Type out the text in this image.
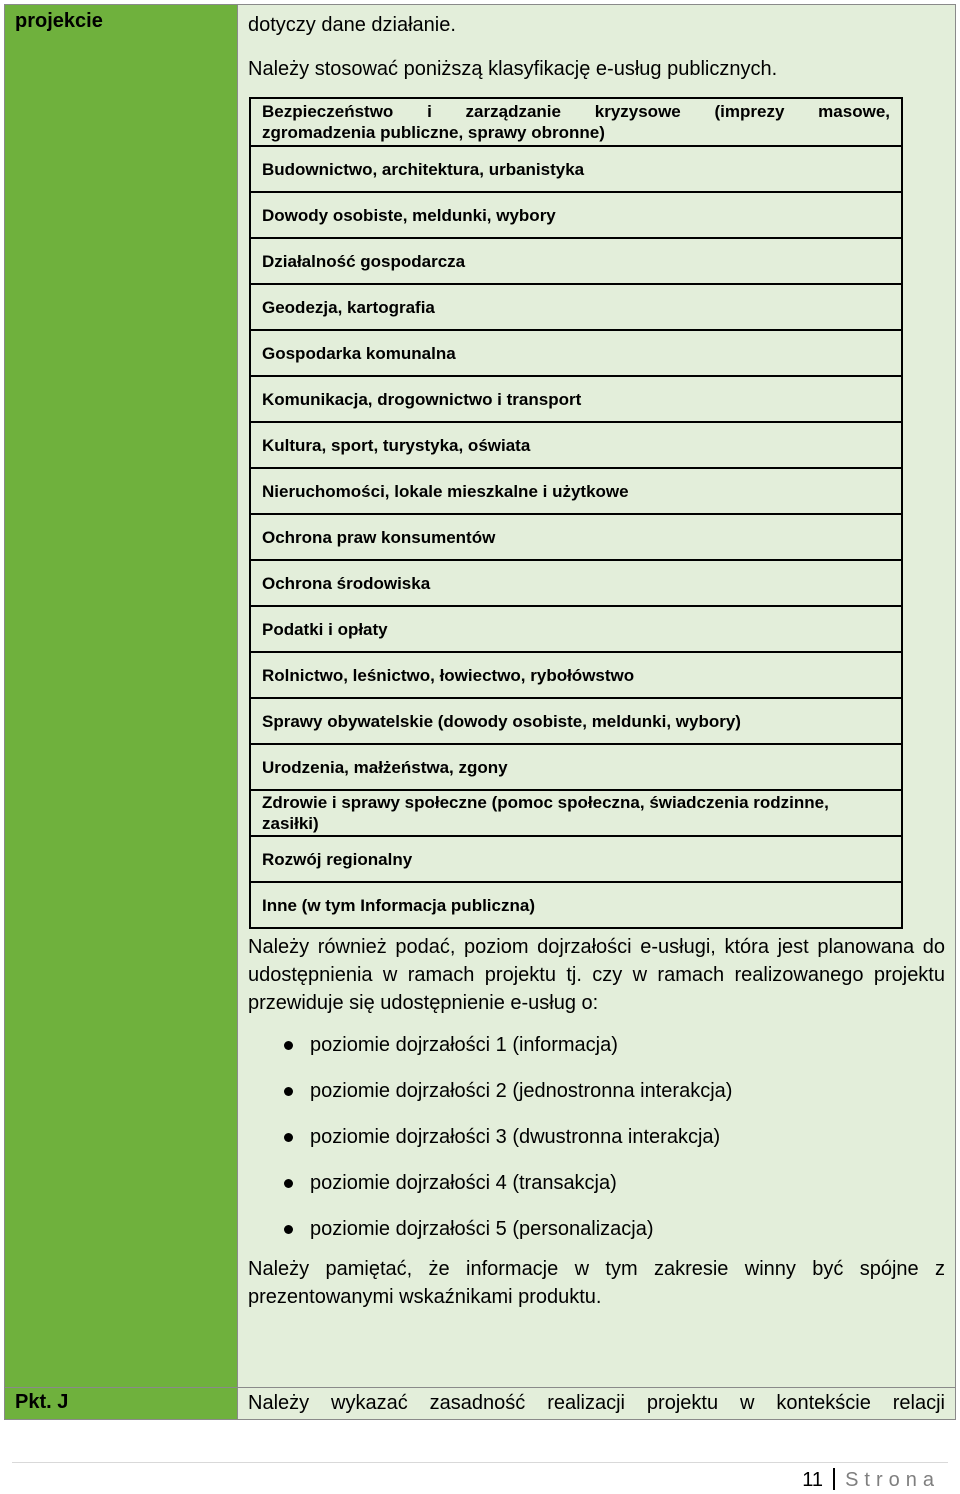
projekcie	dotyczy dane działanie.

Należy stosować poniższą klasyfikację e-usług publicznych.

Bezpieczeństwo i zarządzanie kryzysowe (imprezy masowe,
zgromadzenia publiczne, sprawy obronne)

Budownictwo, architektura, urbanistyka
Dowody osobiste, meldunki, wybory
Działalność gospodarcza
Geodezja, kartografia
Gospodarka komunalna
Komunikacja, drogownictwo i transport
Kultura, sport, turystyka, oświata
Nieruchomości, lokale mieszkalne i użytkowe
Ochrona praw konsumentów
Ochrona środowiska
Podatki i opłaty
Rolnictwo, leśnictwo, łowiectwo, rybołówstwo
Sprawy obywatelskie (dowody osobiste, meldunki, wybory)
Urodzenia, małżeństwa, zgony
Zdrowie i sprawy społeczne (pomoc społeczna, świadczenia rodzinne, zasiłki)
Rozwój regionalny
Inne (w tym Informacja publiczna)

Należy również podać, poziom dojrzałości e-usługi, która jest planowana do udostępnienia w ramach projektu tj. czy w ramach realizowanego projektu przewiduje się udostępnienie e-usług o:

poziomie dojrzałości 1 (informacja)
poziomie dojrzałości 2 (jednostronna interakcja)
poziomie dojrzałości 3 (dwustronna interakcja)
poziomie dojrzałości 4 (transakcja)
poziomie dojrzałości 5 (personalizacja)

Należy pamiętać, że informacje w tym zakresie winny być spójne z prezentowanymi wskaźnikami produktu.

Pkt. J	Należy wykazać zasadność realizacji projektu w kontekście relacji
11 Strona
